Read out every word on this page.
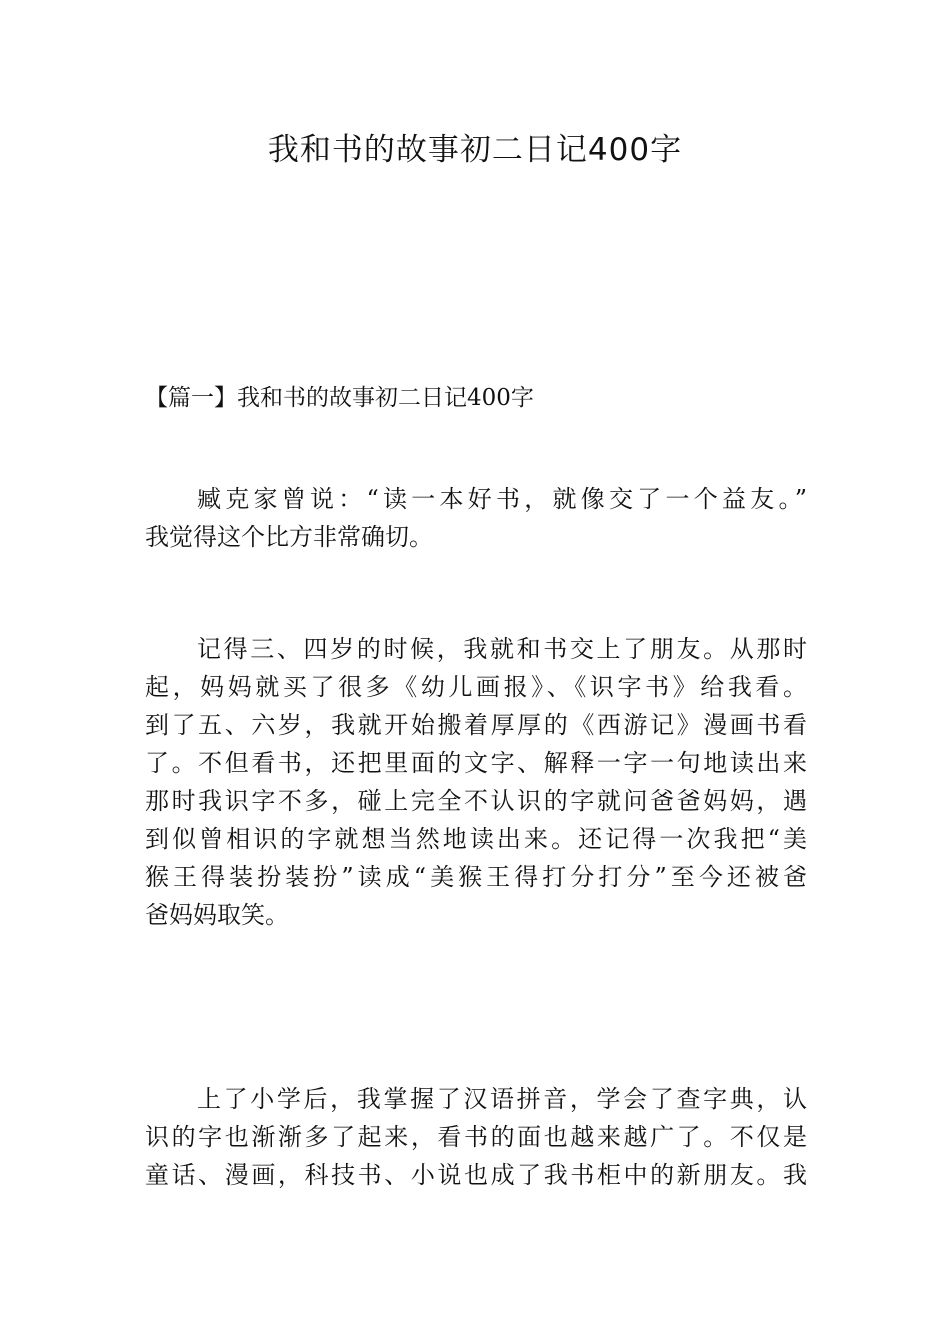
我和书的故事初二日记400字
【篇一】我和书的故事初二日记400字

臧克家曾说：“读一本好书，就像交了一个益友。”
我觉得这个比方非常确切。

记得三、四岁的时候，我就和书交上了朋友。从那时
起，妈妈就买了很多《幼儿画报》、《识字书》给我看。
到了五、六岁，我就开始搬着厚厚的《西游记》漫画书看
了。不但看书，还把里面的文字、解释一字一句地读出来
那时我识字不多，碰上完全不认识的字就问爸爸妈妈，遇
到似曾相识的字就想当然地读出来。还记得一次我把“美
猴王得装扮装扮”读成“美猴王得打分打分”至今还被爸
爸妈妈取笑。

上了小学后，我掌握了汉语拼音，学会了查字典，认
识的字也渐渐多了起来，看书的面也越来越广了。不仅是
童话、漫画，科技书、小说也成了我书柜中的新朋友。我
